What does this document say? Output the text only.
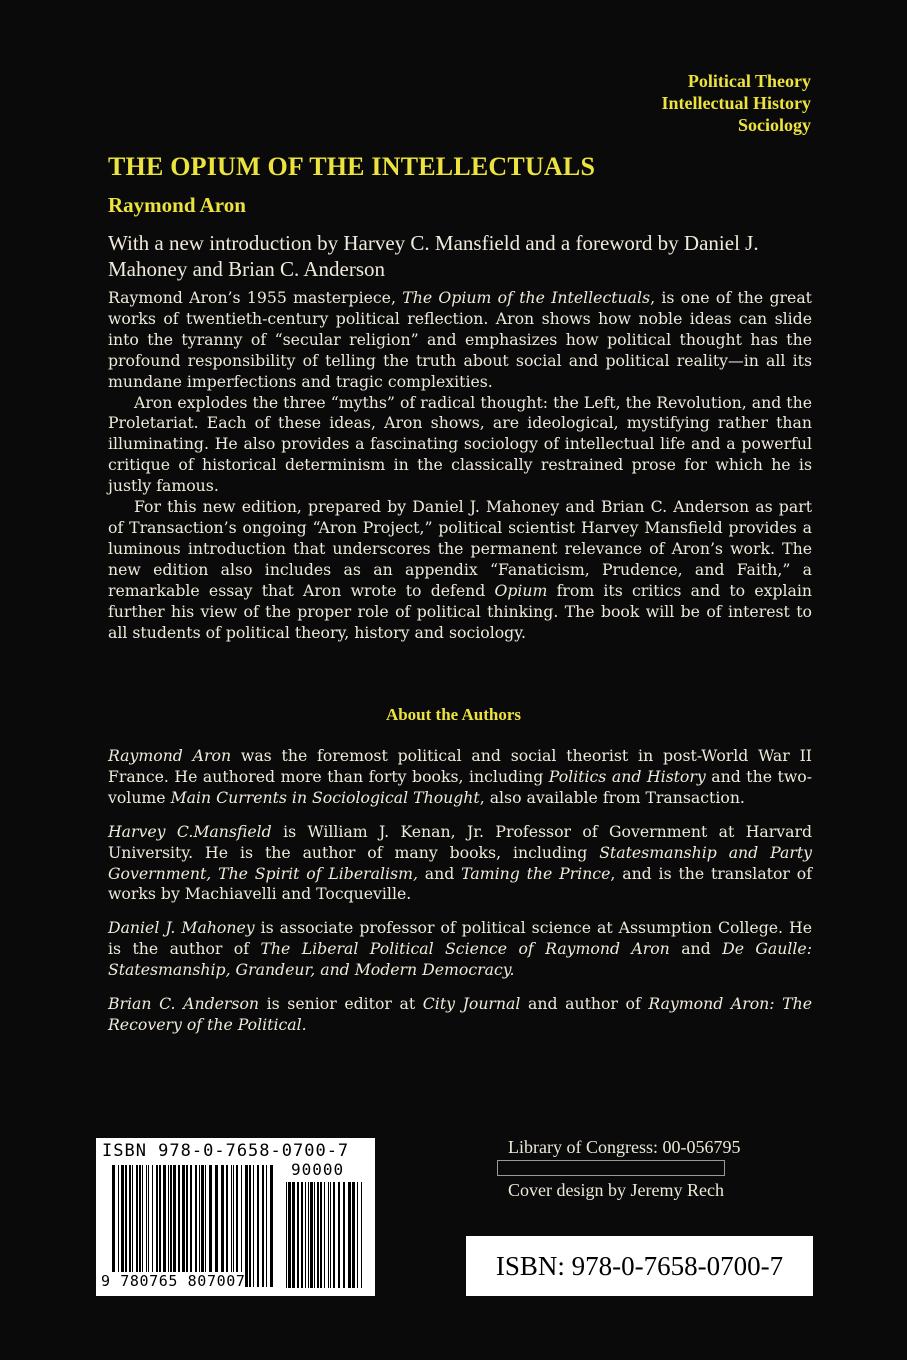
Political Theory
Intellectual History
Sociology
THE OPIUM OF THE INTELLECTUALS
Raymond Aron
With a new introduction by Harvey C. Mansfield and a foreword by Daniel J. Mahoney and Brian C. Anderson

Raymond Aron’s 1955 masterpiece, The Opium of the Intellectuals, is one of the great works of twentieth-century political reflection. Aron shows how noble ideas can slide into the tyranny of “secular religion” and emphasizes how political thought has the profound responsibility of telling the truth about social and political reality—in all its mundane imperfections and tragic complexities.

Aron explodes the three “myths” of radical thought: the Left, the Revolution, and the Proletariat. Each of these ideas, Aron shows, are ideological, mystifying rather than illuminating. He also provides a fascinating sociology of intellectual life and a powerful critique of historical determinism in the classically restrained prose for which he is justly famous.

For this new edition, prepared by Daniel J. Mahoney and Brian C. Anderson as part of Transaction’s ongoing “Aron Project,” political scientist Harvey Mansfield provides a luminous introduction that underscores the permanent relevance of Aron’s work. The new edition also includes as an appendix “Fanaticism, Prudence, and Faith,” a remarkable essay that Aron wrote to defend Opium from its critics and to explain further his view of the proper role of political thinking. The book will be of interest to all students of political theory, history and sociology.

About the Authors

Raymond Aron was the foremost political and social theorist in post-World War II France. He authored more than forty books, including Politics and History and the two-volume Main Currents in Sociological Thought, also available from Transaction.

Harvey C.Mansfield is William J. Kenan, Jr. Professor of Government at Harvard University. He is the author of many books, including Statesmanship and Party Government, The Spirit of Liberalism, and Taming the Prince, and is the translator of works by Machiavelli and Tocqueville.

Daniel J. Mahoney is associate professor of political science at Assumption College. He is the author of The Liberal Political Science of Raymond Aron and De Gaulle: Statesmanship, Grandeur, and Modern Democracy.

Brian C. Anderson is senior editor at City Journal and author of Raymond Aron: The Recovery of the Political.

ISBN 978-0-7658-0700-7
90000
9 780765 807007
Library of Congress: 00-056795
Cover design by Jeremy Rech
ISBN: 978-0-7658-0700-7
